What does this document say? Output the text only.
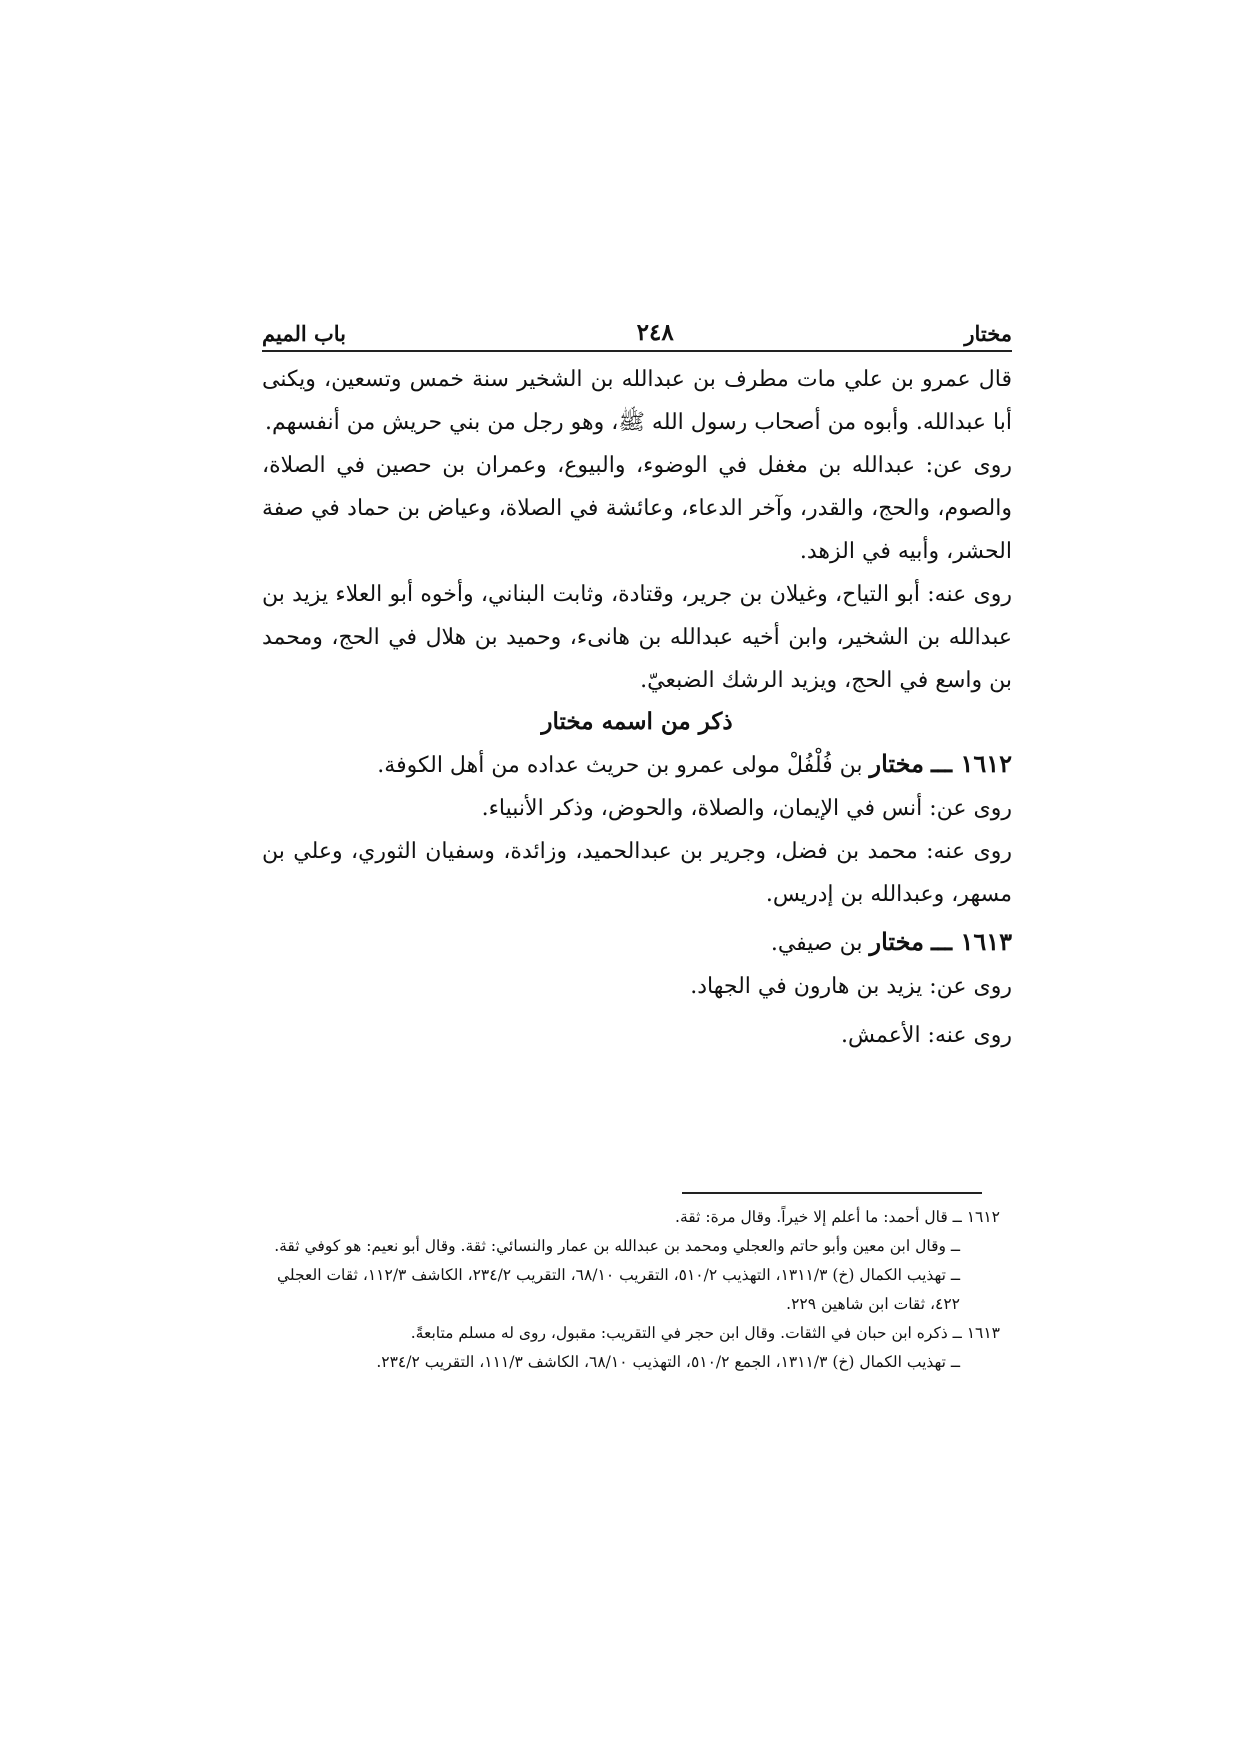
مختار
٢٤٨
باب الميم

قال عمرو بن علي مات مطرف بن عبدالله بن الشخير سنة خمس وتسعين، ويكنى أبا عبدالله. وأبوه من أصحاب رسول الله ﷺ، وهو رجل من بني حريش من أنفسهم.

روى عن: عبدالله بن مغفل في الوضوء، والبيوع، وعمران بن حصين في الصلاة، والصوم، والحج، والقدر، وآخر الدعاء، وعائشة في الصلاة، وعياض بن حماد في صفة الحشر، وأبيه في الزهد.

روى عنه: أبو التياح، وغيلان بن جرير، وقتادة، وثابت البناني، وأخوه أبو العلاء يزيد بن عبدالله بن الشخير، وابن أخيه عبدالله بن هانىء، وحميد بن هلال في الحج، ومحمد بن واسع في الحج، ويزيد الرشك الضبعيّ.

ذكر من اسمه مختار

١٦١٢ ـــ مختار بن فُلْفُلْ مولى عمرو بن حريث عداده من أهل الكوفة.

روى عن: أنس في الإيمان، والصلاة، والحوض، وذكر الأنبياء.

روى عنه: محمد بن فضل، وجرير بن عبدالحميد، وزائدة، وسفيان الثوري، وعلي بن مسهر، وعبدالله بن إدريس.

١٦١٣ ـــ مختار بن صيفي.

روى عن: يزيد بن هارون في الجهاد.

روى عنه: الأعمش.

١٦١٢ ــ قال أحمد: ما أعلم إلا خيراً. وقال مرة: ثقة.

ــ وقال ابن معين وأبو حاتم والعجلي ومحمد بن عبدالله بن عمار والنسائي: ثقة. وقال أبو نعيم: هو كوفي ثقة.

ــ تهذيب الكمال (خ) ١٣١١/٣، التهذيب ٥١٠/٢، التقريب ٦٨/١٠، التقريب ٢٣٤/٢، الكاشف ١١٢/٣، ثقات العجلي ٤٢٢، ثقات ابن شاهين ٢٢٩.

١٦١٣ ــ ذكره ابن حبان في الثقات. وقال ابن حجر في التقريب: مقبول، روى له مسلم متابعةً.

ــ تهذيب الكمال (خ) ١٣١١/٣، الجمع ٥١٠/٢، التهذيب ٦٨/١٠، الكاشف ١١١/٣، التقريب ٢٣٤/٢.
